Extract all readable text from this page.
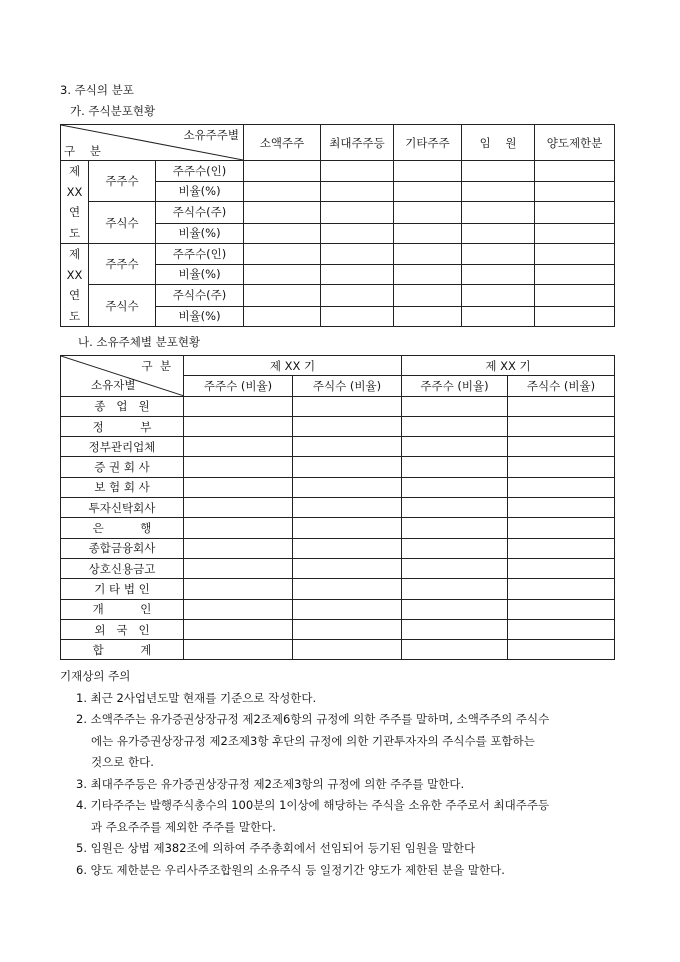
3. 주식의 분포
가. 주식분포현황
소유주주별
구    분			소액주주	최대주주등	기타주주	임    원	양도제한분

제
XX
연
도	주주수	주주수(인)					
		비율(%)					
	주식수	주식수(주)					
		비율(%)					

제
XX
연
도	주주수	주주수(인)					
		비율(%)					
	주식수	주식수(주)					
		비율(%)					
나. 소유주체별 분포현황
구  분
소유자별	제 XX 기		제 XX 기	
	주주수 (비율)	주식수 (비율)	주주수 (비율)	주식수 (비율)
종   업   원				
정          부				
정부관리업체				
증 권 회 사				
보 험 회 사				
투자신탁회사				
은          행				
종합금융회사				
상호신용금고				
기 타 법 인				
개          인				
외   국   인				
합          계				
기재상의 주의
1. 최근 2사업년도말 현재를 기준으로 작성한다.
2. 소액주주는 유가증권상장규정 제2조제6항의 규정에 의한 주주를 말하며, 소액주주의 주식수
에는 유가증권상장규정 제2조제3항 후단의 규정에 의한 기관투자자의 주식수를 포함하는
것으로 한다.
3. 최대주주등은 유가증권상장규정 제2조제3항의 규정에 의한 주주를 말한다.
4. 기타주주는 발행주식총수의 100분의 1이상에 해당하는 주식을 소유한 주주로서 최대주주등
과 주요주주를 제외한 주주를 말한다.
5. 임원은 상법 제382조에 의하여 주주총회에서 선임되어 등기된 임원을 말한다
6. 양도 제한분은 우리사주조합원의 소유주식 등 일정기간 양도가 제한된 분을 말한다.
